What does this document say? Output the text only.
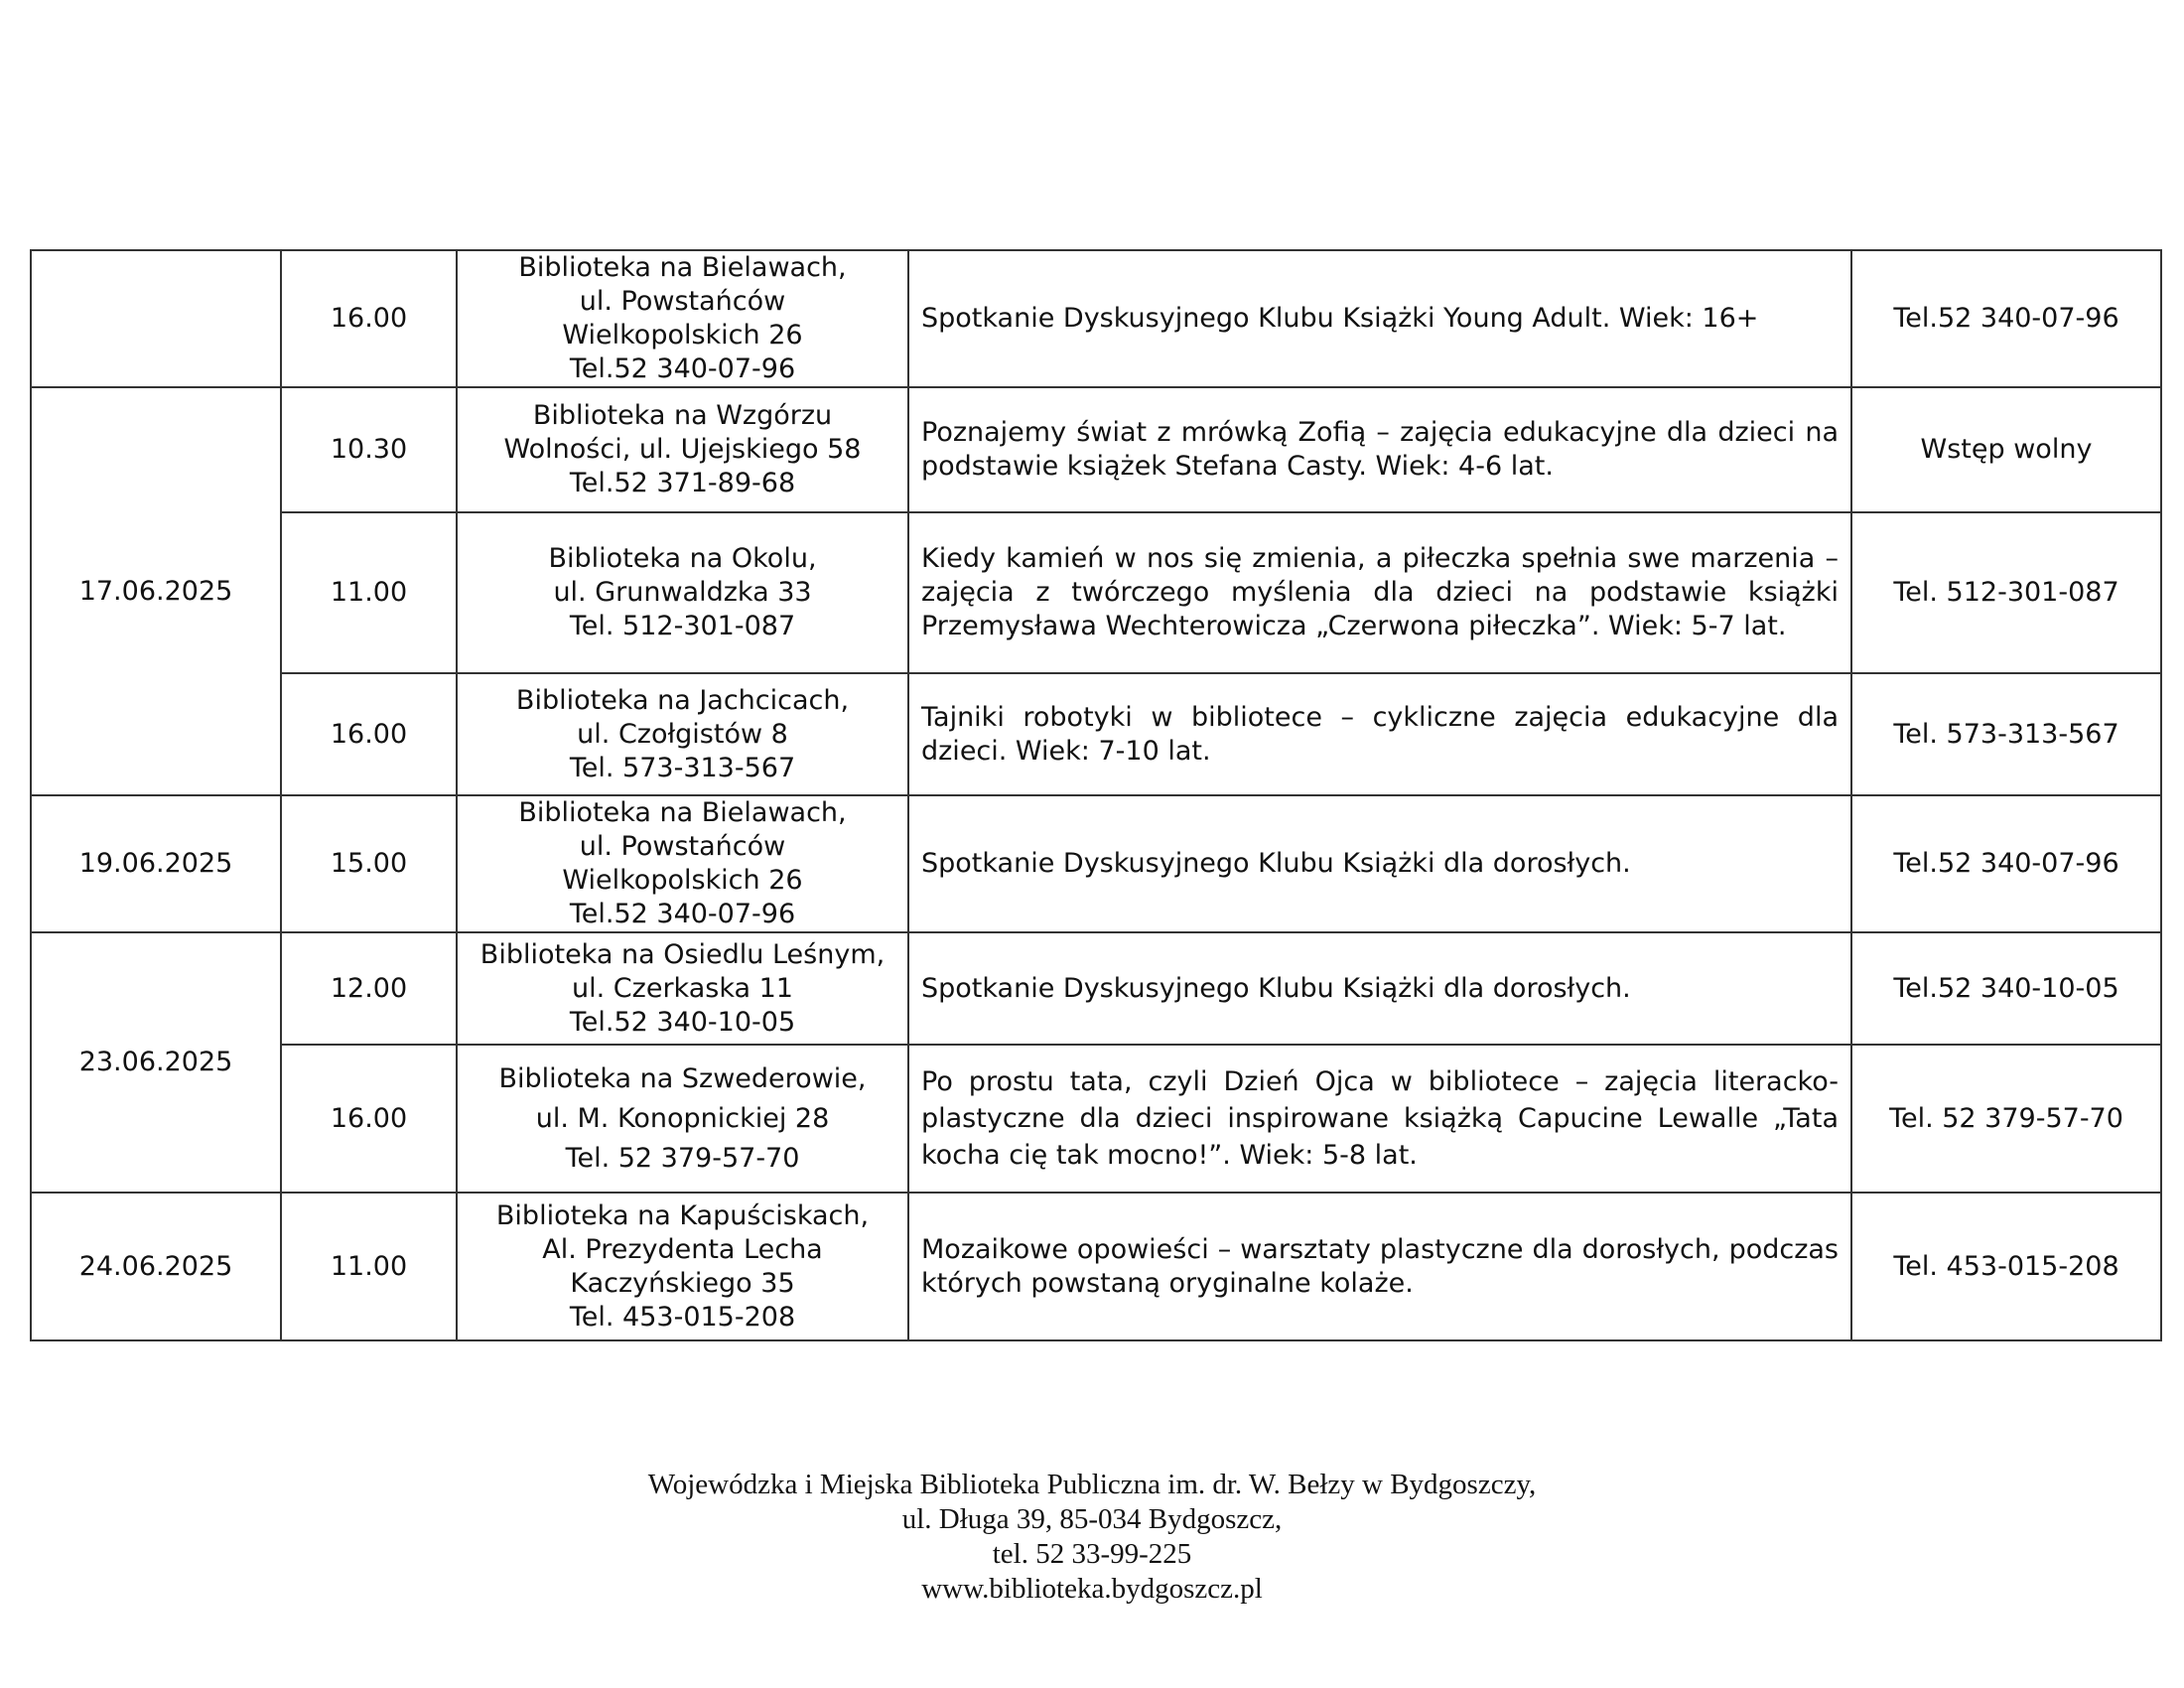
	16.00	Biblioteka na Bielawach,
ul. Powstańców
Wielkopolskich 26
Tel.52 340-07-96	Spotkanie Dyskusyjnego Klubu Książki Young Adult. Wiek: 16+	Tel.52 340-07-96
17.06.2025	10.30	Biblioteka na Wzgórzu
Wolności, ul. Ujejskiego 58
Tel.52 371-89-68	Poznajemy świat z mrówką Zofią – zajęcia edukacyjne dla dzieci na podstawie książek Stefana Casty. Wiek: 4-6 lat.	Wstęp wolny
	11.00	Biblioteka na Okolu,
ul. Grunwaldzka 33
Tel. 512-301-087	Kiedy kamień w nos się zmienia, a piłeczka spełnia swe marzenia – zajęcia z twórczego myślenia dla dzieci na podstawie książki Przemysława Wechterowicza „Czerwona piłeczka”. Wiek: 5-7 lat.	Tel. 512-301-087
	16.00	Biblioteka na Jachcicach,
ul. Czołgistów 8
Tel. 573-313-567	Tajniki robotyki w bibliotece – cykliczne zajęcia edukacyjne dla dzieci. Wiek: 7-10 lat.	Tel. 573-313-567
19.06.2025	15.00	Biblioteka na Bielawach,
ul. Powstańców
Wielkopolskich 26
Tel.52 340-07-96	Spotkanie Dyskusyjnego Klubu Książki dla dorosłych.	Tel.52 340-07-96
23.06.2025	12.00	Biblioteka na Osiedlu Leśnym,
ul. Czerkaska 11
Tel.52 340-10-05	Spotkanie Dyskusyjnego Klubu Książki dla dorosłych.	Tel.52 340-10-05
	16.00	Biblioteka na Szwederowie,
ul. M. Konopnickiej 28
Tel. 52 379-57-70	Po prostu tata, czyli Dzień Ojca w bibliotece – zajęcia literacko-plastyczne dla dzieci inspirowane książką Capucine Lewalle „Tata kocha cię tak mocno!”. Wiek: 5-8 lat.	Tel. 52 379-57-70
24.06.2025	11.00	Biblioteka na Kapuściskach,
Al. Prezydenta Lecha
Kaczyńskiego 35
Tel. 453-015-208	Mozaikowe opowieści – warsztaty plastyczne dla dorosłych, podczas których powstaną oryginalne kolaże.	Tel. 453-015-208
Wojewódzka i Miejska Biblioteka Publiczna im. dr. W. Bełzy w Bydgoszczy,
ul. Długa 39, 85-034 Bydgoszcz,
tel. 52 33-99-225
www.biblioteka.bydgoszcz.pl
